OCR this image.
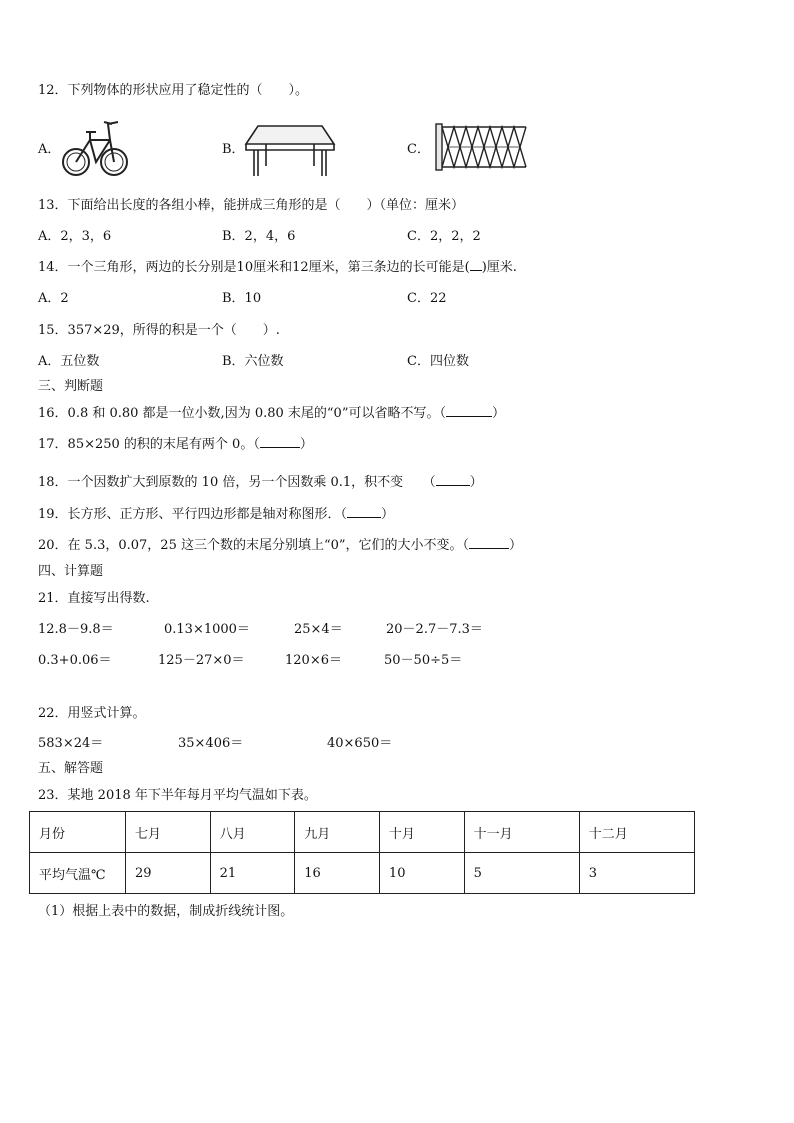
12．下列物体的形状应用了稳定性的（　　）。
A．	B．	C．
13．下面给出长度的各组小棒，能拼成三角形的是（　　）（单位：厘米）
A．2，3，6	B．2，4，6	C．2，2，2
14．一个三角形，两边的长分别是10厘米和12厘米，第三条边的长可能是( )厘米.
A．2	B．10	C．22
15．357×29，所得的积是一个（　　）.
A．五位数	B．六位数	C．四位数
三、判断题
16．0.8 和 0.80 都是一位小数,因为 0.80 末尾的“0”可以省略不写。（	）
17．85×250 的积的末尾有两个 0。（	）
18．一个因数扩大到原数的 10 倍，另一个因数乘 0.1，积不变　　（	）
19．长方形、正方形、平行四边形都是轴对称图形．（	）
20．在 5.3，0.07，25 这三个数的末尾分别填上“0”，它们的大小不变。（	）
四、计算题
21．直接写出得数.
12.8－9.8＝	0.13×1000＝	25×4＝	20－2.7－7.3＝
0.3+0.06＝	125－27×0＝	120×6＝	50－50÷5＝
22．用竖式计算。
583×24＝	35×406＝	40×650＝
五、解答题
23．某地 2018 年下半年每月平均气温如下表。
月份	七月	八月	九月	十月	十一月	十二月
平均气温℃	29	21	16	10	5	3
（1）根据上表中的数据，制成折线统计图。
